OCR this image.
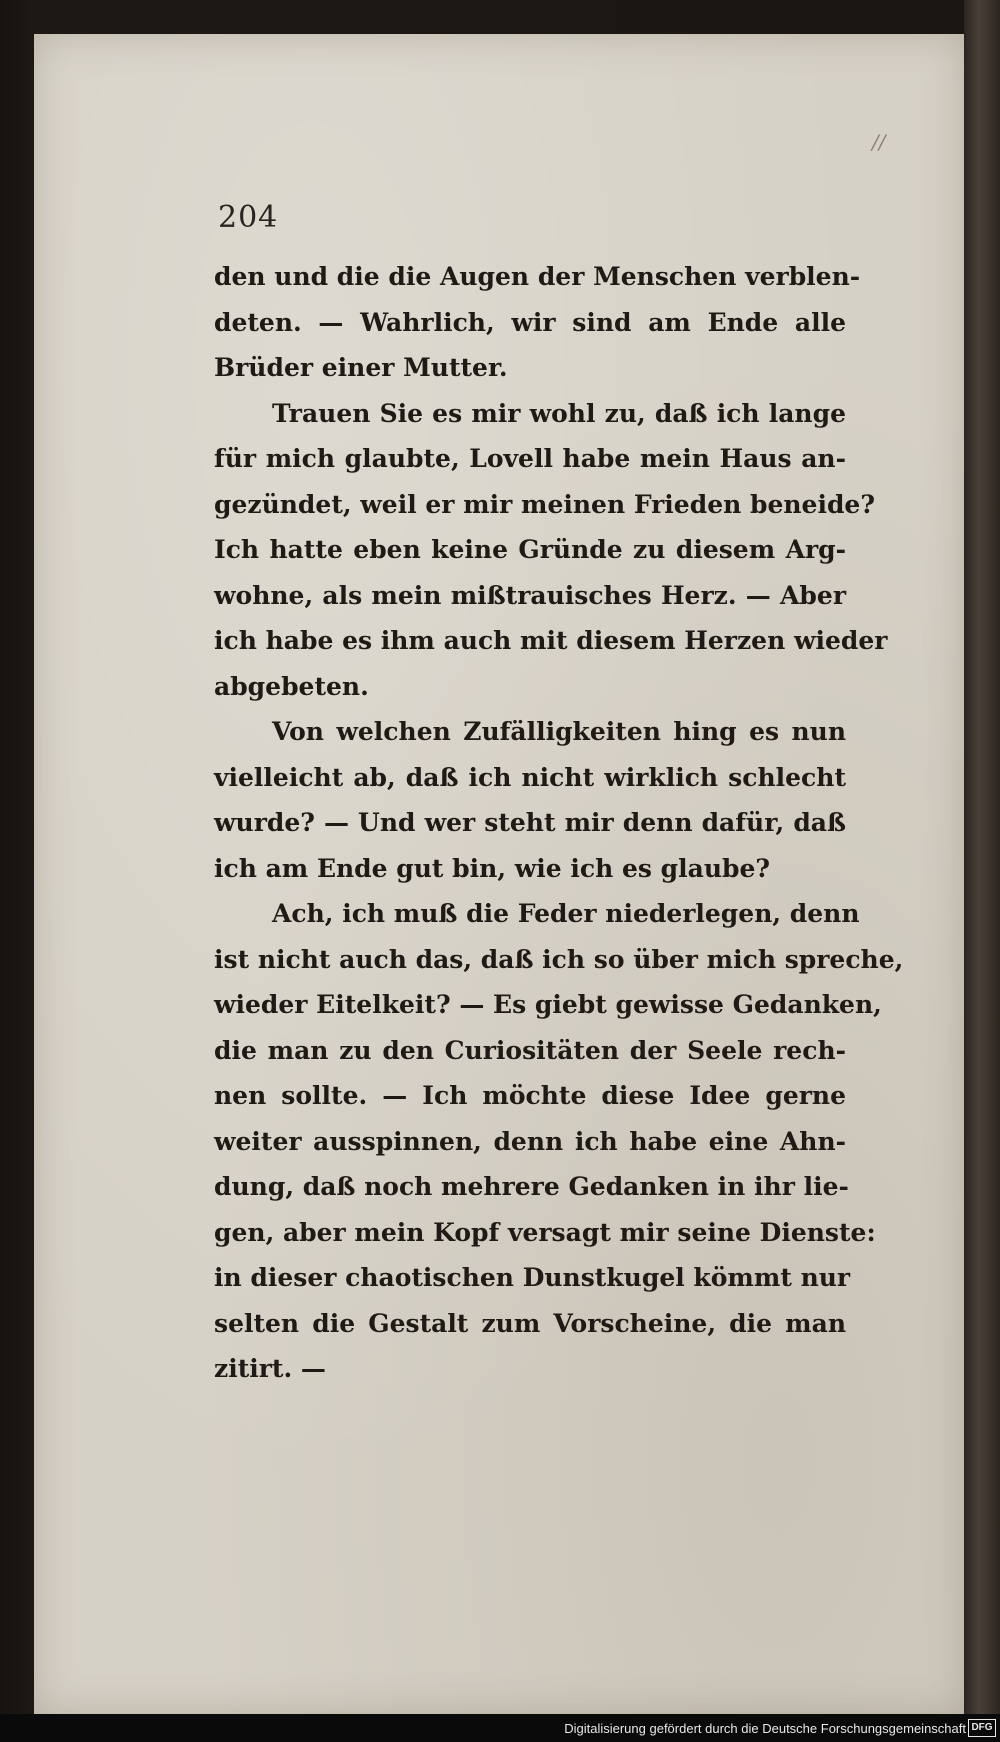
//
204
den und die die Augen der Menschen verblen-
deten. — Wahrlich, wir sind am Ende alle
Brüder einer Mutter.
Trauen Sie es mir wohl zu, daß ich lange
für mich glaubte, Lovell habe mein Haus an-
gezündet, weil er mir meinen Frieden beneide?
Ich hatte eben keine Gründe zu diesem Arg-
wohne, als mein mißtrauisches Herz. — Aber
ich habe es ihm auch mit diesem Herzen wieder
abgebeten.
Von welchen Zufälligkeiten hing es nun
vielleicht ab, daß ich nicht wirklich schlecht
wurde? — Und wer steht mir denn dafür, daß
ich am Ende gut bin, wie ich es glaube?
Ach, ich muß die Feder niederlegen, denn
ist nicht auch das, daß ich so über mich spreche,
wieder Eitelkeit? — Es giebt gewisse Gedanken,
die man zu den Curiositäten der Seele rech-
nen sollte. — Ich möchte diese Idee gerne
weiter ausspinnen, denn ich habe eine Ahn-
dung, daß noch mehrere Gedanken in ihr lie-
gen, aber mein Kopf versagt mir seine Dienste:
in dieser chaotischen Dunstkugel kömmt nur
selten die Gestalt zum Vorscheine, die man
zitirt. —
Digitalisierung gefördert durch die Deutsche Forschungsgemeinschaft DFG
